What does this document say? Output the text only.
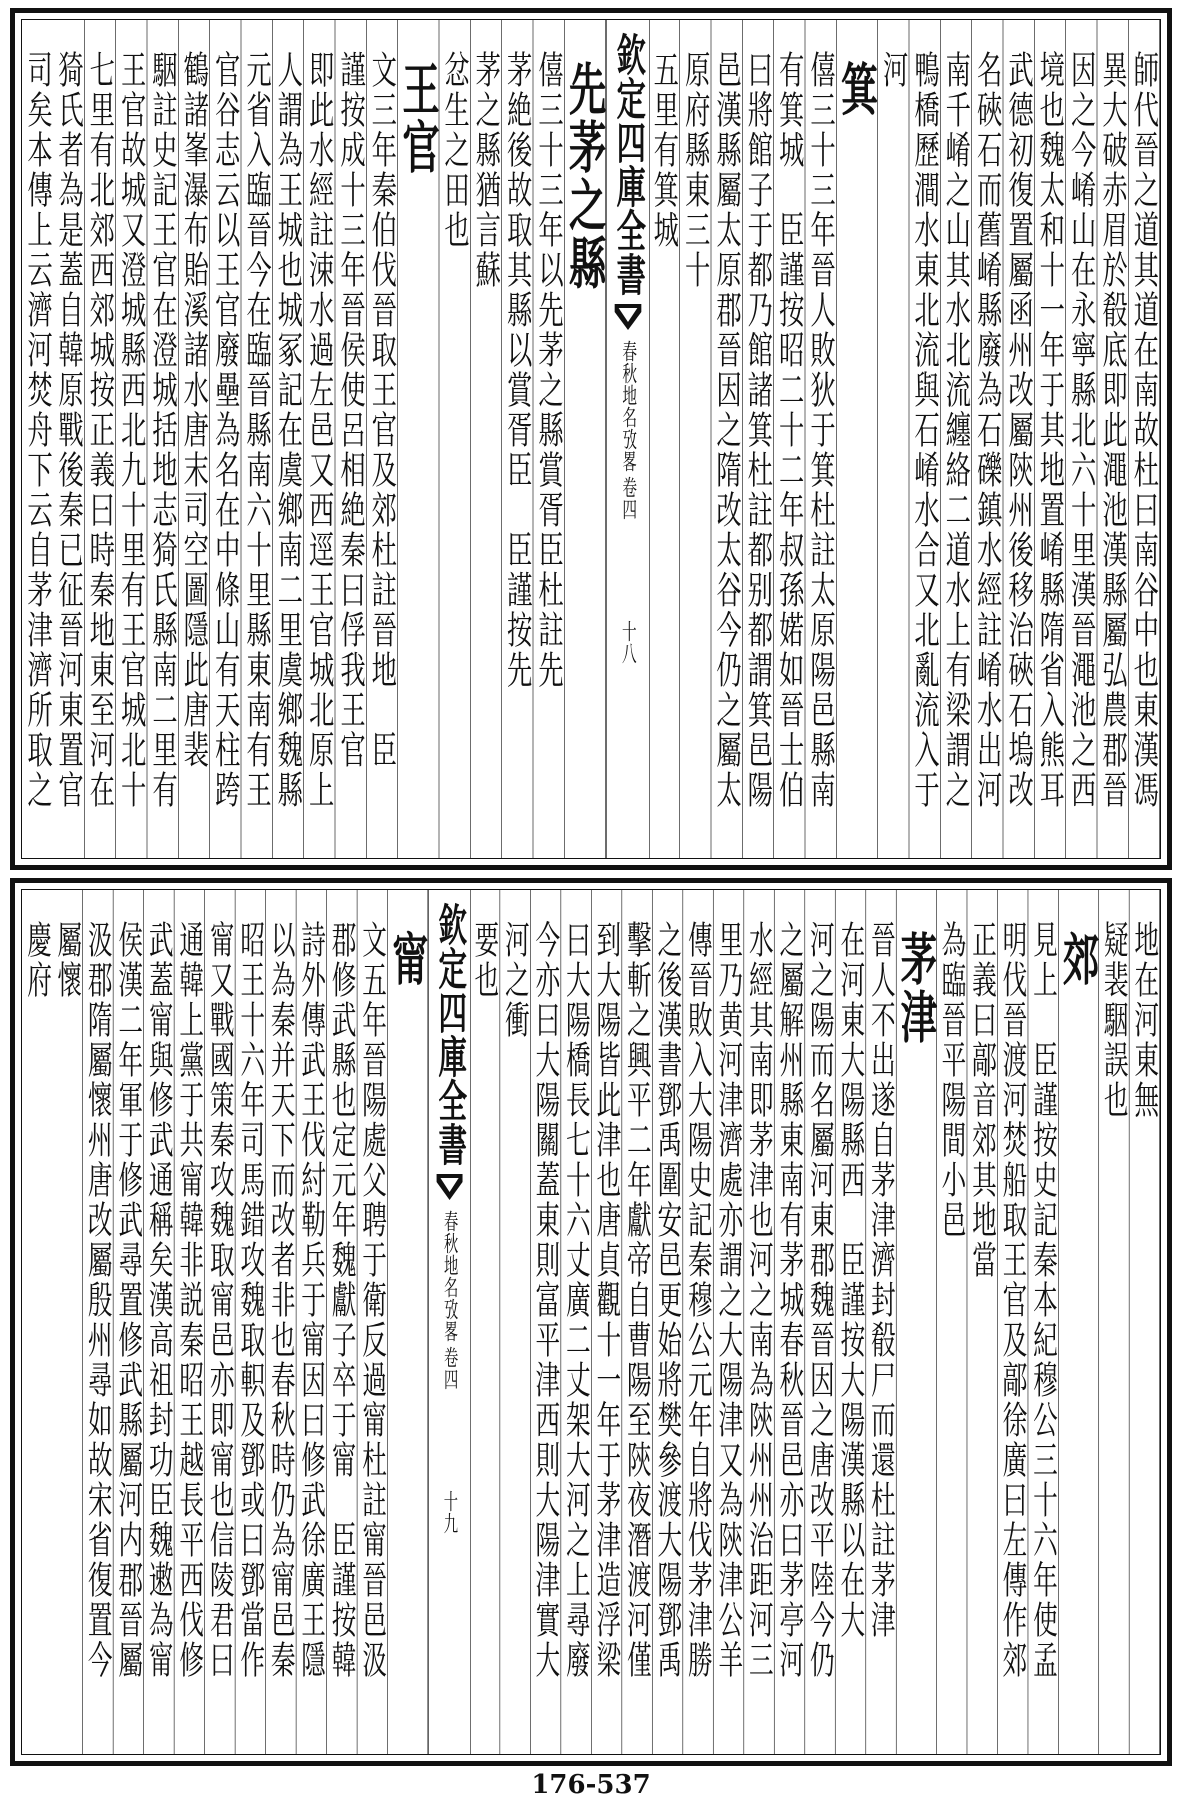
師代晉之道其道在南故杜曰南谷中也東漢馮
異大破赤眉於殽底即此澠池漢縣屬弘農郡晉
因之今崤山在永寧縣北六十里漢晉澠池之西
境也魏太和十一年于其地置崤縣隋省入熊耳
武德初復置屬函州改屬陝州後移治硤石塢改
名硤石而舊崤縣廢為石礫鎮水經註崤水出河
南千崤之山其水北流纏絡二道水上有梁謂之
鴨橋歷澗水東北流與石崤水合又北亂流入于
河
箕
僖三十三年晉人敗狄于箕杜註太原陽邑縣南
有箕城　臣謹按昭二十二年叔孫婼如晉士伯
曰將館子于都乃館諸箕杜註都别都謂箕邑陽
邑漢縣屬太原郡晉因之隋改太谷今仍之屬太
原府縣東三十
五里有箕城
欽定四庫全書
春秋地名攷畧
卷四
十八
先茅之縣
僖三十三年以先茅之縣賞胥臣杜註先
茅絶後故取其縣以賞胥臣　臣謹按先
茅之縣猶言蘇
忿生之田也
王官
文三年秦伯伐晉取王官及郊杜註晉地　臣
謹按成十三年晉侯使呂相絶秦曰俘我王官
即此水經註涑水過左邑又西逕王官城北原上
人謂為王城也城冢記在虞鄉南二里虞鄉魏縣
元省入臨晉今在臨晉縣南六十里縣東南有王
官谷志云以王官廢壘為名在中條山有天柱跨
鶴諸峯瀑布貽溪諸水唐末司空圖隱此唐裴
駰註史記王官在澄城括地志猗氏縣南二里有
王官故城又澄城縣西北九十里有王官城北十
七里有北郊西郊城按正義曰時秦地東至河在
猗氏者為是蓋自韓原戰後秦已征晉河東置官
司矣本傳上云濟河焚舟下云自茅津濟所取之
地在河東無
疑裴駰誤也
郊
見上　臣謹按史記秦本紀穆公三十六年使孟
明伐晉渡河焚船取王官及鄗徐廣曰左傳作郊
正義曰鄗音郊其地當
為臨晉平陽間小邑
茅津
晉人不出遂自茅津濟封殽尸而還杜註茅津
在河東大陽縣西　臣謹按大陽漢縣以在大
河之陽而名屬河東郡魏晉因之唐改平陸今仍
之屬解州縣東南有茅城春秋晉邑亦曰茅亭河
水經其南即茅津也河之南為陝州州治距河三
里乃黄河津濟處亦謂之大陽津又為陝津公羊
傳晉敗入大陽史記秦穆公元年自將伐茅津勝
之後漢書鄧禹圍安邑更始將樊參渡大陽鄧禹
擊斬之興平二年獻帝自曹陽至陝夜潛渡河僅
到大陽皆此津也唐貞觀十一年于茅津造浮梁
曰大陽橋長七十六丈廣二丈架大河之上尋廢
今亦曰大陽關蓋東則富平津西則大陽津實大
河之衝
要也
欽定四庫全書
春秋地名攷畧
卷四
十九
甯
文五年晉陽處父聘于衛反過甯杜註甯晉邑汲
郡修武縣也定元年魏獻子卒于甯　臣謹按韓
詩外傳武王伐紂勒兵于甯因曰修武徐廣王隱
以為秦并天下而改者非也春秋時仍為甯邑秦
昭王十六年司馬錯攻魏取軹及鄧或曰鄧當作
甯又戰國策秦攻魏取甯邑亦即甯也信陵君曰
通韓上黨于共甯韓非説秦昭王越長平西伐修
武蓋甯與修武通稱矣漢高祖封功臣魏遫為甯
侯漢二年軍于修武尋置修武縣屬河内郡晉屬
汲郡隋屬懷州唐改屬殷州尋如故宋省復置今
屬懷
慶府
176-537
